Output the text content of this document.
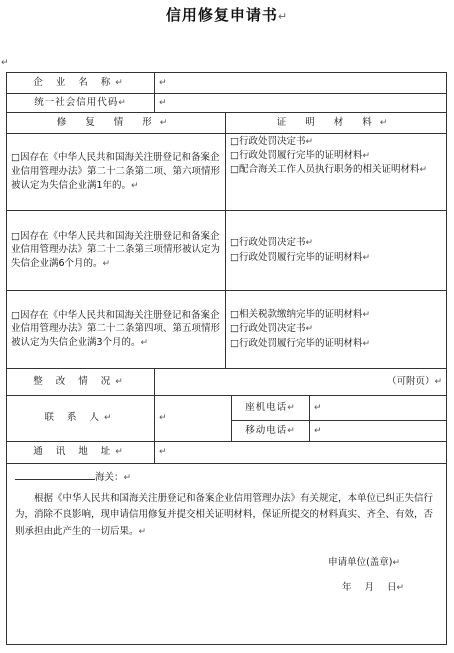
信用修复申请书↵
↵
企 业 名 称↵	↵			
统一社会信用代码↵	↵			
修 复 情 形↵		证 明 材 料↵		
□因存在《中华人民共和国海关注册登记和备案企业信用管理办法》第二十二条第二项、第六项情形被认定为失信企业满1年的。↵		□行政处罚决定书↵
□行政处罚履行完毕的证明材料↵
□配合海关工作人员执行职务的相关证明材料↵		

□因存在《中华人民共和国海关注册登记和备案企业信用管理办法》第二十二条第三项情形被认定为失信企业满6个月的。↵		□行政处罚决定书↵
□行政处罚履行完毕的证明材料↵		

□因存在《中华人民共和国海关注册登记和备案企业信用管理办法》第二十二条第四项、第五项情形被认定为失信企业满3个月的。↵		□相关税款缴纳完毕的证明材料↵
□行政处罚决定书↵
□行政处罚履行完毕的证明材料↵		

整 改 情 况↵	（可附页）↵			
联 系 人↵	↵		座机电话↵	↵
			移动电话↵	↵
通 讯 地 址↵	↵			

海关：↵

根据《中华人民共和国海关注册登记和备案企业信用管理办法》有关规定，本单位已纠正失信行为，消除不良影响，现申请信用修复并提交相关证明材料，保证所提交的材料真实、齐全、有效，否则承担由此产生的一切后果。↵

申请单位(盖章)↵

年 月 日↵				
